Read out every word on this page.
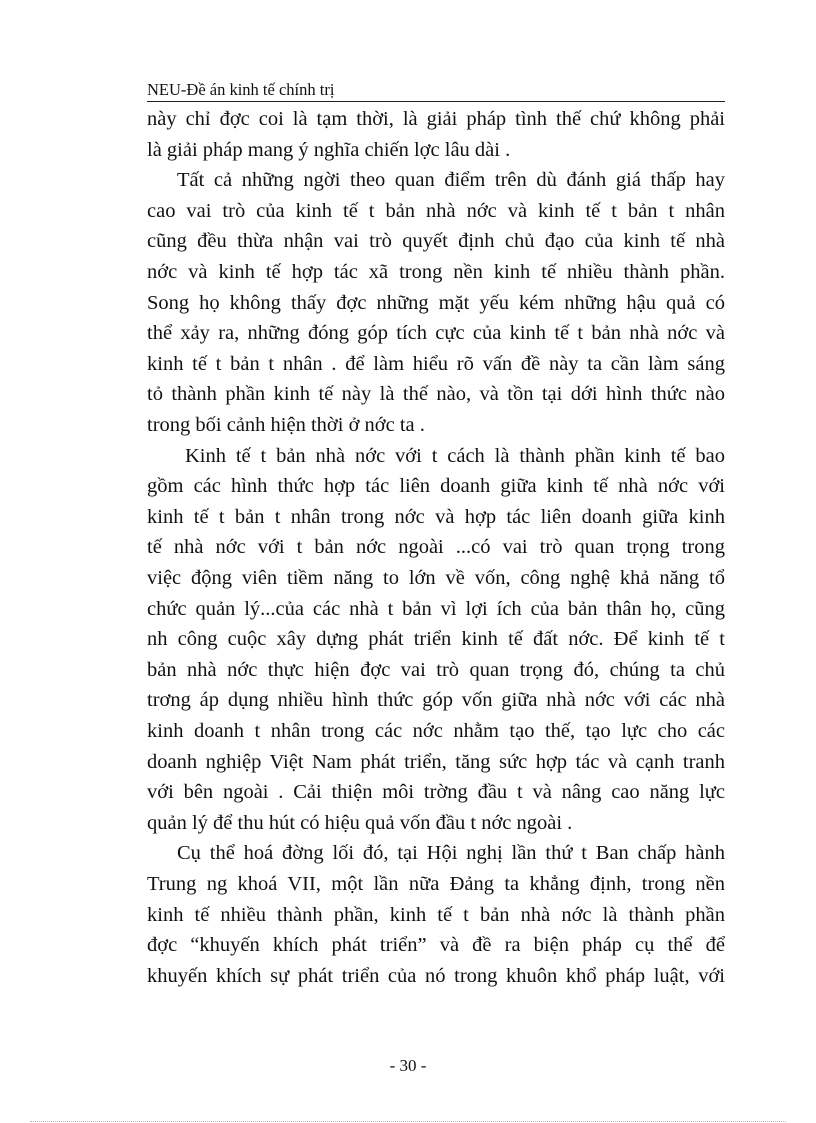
NEU-Đề án kinh tế chính trị
này chỉ đợc coi là tạm thời, là giải pháp tình thế chứ không phải
là giải pháp mang ý nghĩa chiến lợc lâu dài .
Tất cả những ngời theo quan điểm trên dù đánh giá thấp hay
cao vai trò của kinh tế t bản nhà nớc và kinh tế t bản t nhân
cũng đều thừa nhận vai trò quyết định chủ đạo của kinh tế nhà
nớc và kinh tế hợp tác xã trong nền kinh tế nhiều thành phần.
Song họ không thấy đợc những mặt yếu kém những hậu quả có
thể xảy ra, những đóng góp tích cực của kinh tế t bản nhà nớc và
kinh tế t bản t nhân . để làm hiểu rõ vấn đề này ta cần làm sáng
tỏ thành phần kinh tế này là thế nào, và tồn tại dới hình thức nào
trong bối cảnh hiện thời ở nớc ta .
Kinh tế t bản nhà nớc với t cách là thành phần kinh tế bao
gồm các hình thức hợp tác liên doanh giữa kinh tế nhà nớc với
kinh tế t bản t nhân trong nớc và hợp tác liên doanh giữa kinh
tế nhà nớc với t bản nớc ngoài ...có vai trò quan trọng trong
việc động viên tiềm năng to lớn về vốn, công nghệ khả năng tổ
chức quản lý...của các nhà t bản vì lợi ích của bản thân họ, cũng
nh công cuộc xây dựng phát triển kinh tế đất nớc. Để kinh tế t
bản nhà nớc thực hiện đợc vai trò quan trọng đó, chúng ta chủ
trơng áp dụng nhiều hình thức góp vốn giữa nhà nớc với các nhà
kinh doanh t nhân trong các nớc nhằm tạo thế, tạo lực cho các
doanh nghiệp Việt Nam phát triển, tăng sức hợp tác và cạnh tranh
với bên ngoài . Cải thiện môi trờng đầu t và nâng cao năng lực
quản lý để thu hút có hiệu quả vốn đầu t nớc ngoài .
Cụ thể hoá đờng lối đó, tại Hội nghị lần thứ t Ban chấp hành
Trung ng khoá VII, một lần nữa Đảng ta khẳng định, trong nền
kinh tế nhiều thành phần, kinh tế t bản nhà nớc là thành phần
đợc “khuyến khích phát triển” và đề ra biện pháp cụ thể để
khuyến khích sự phát triển của nó trong khuôn khổ pháp luật, với
- 30 -
